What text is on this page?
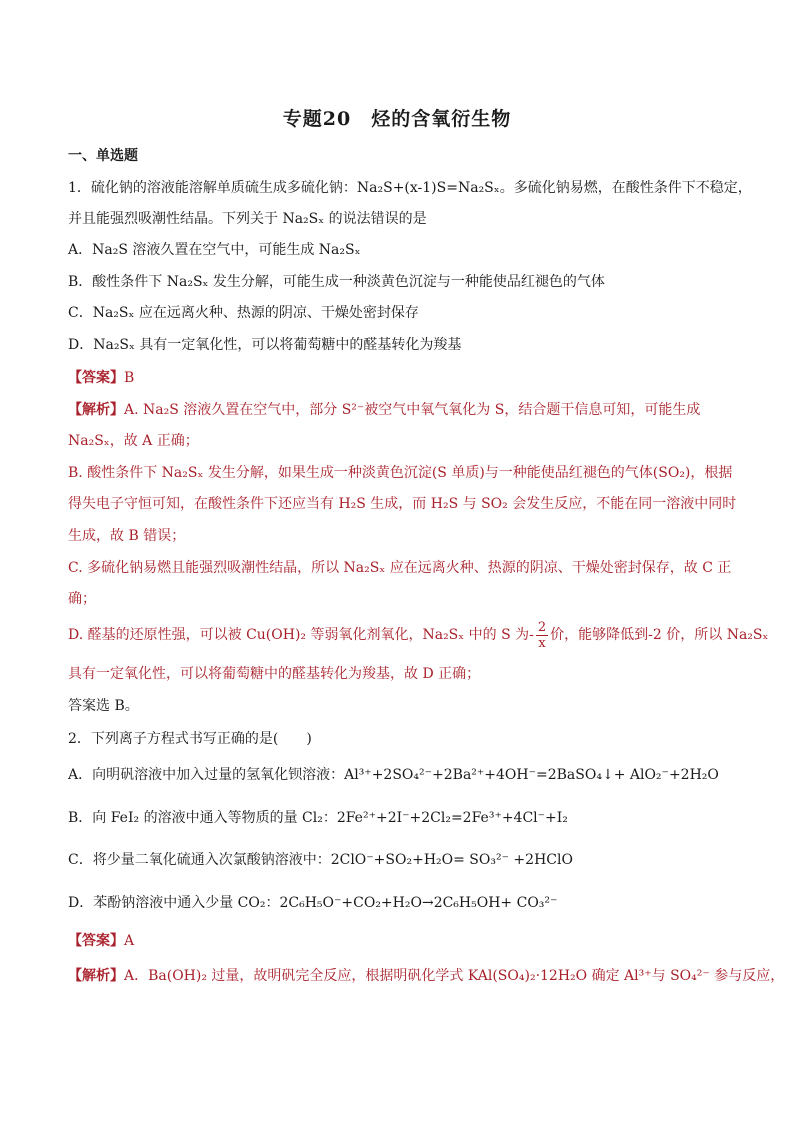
专题20　烃的含氧衍生物
一、单选题
1．硫化钠的溶液能溶解单质硫生成多硫化钠：Na₂S+(x-1)S=Na₂Sₓ。多硫化钠易燃，在酸性条件下不稳定，
并且能强烈吸潮性结晶。下列关于 Na₂Sₓ 的说法错误的是
A．Na₂S 溶液久置在空气中，可能生成 Na₂Sₓ
B．酸性条件下 Na₂Sₓ 发生分解，可能生成一种淡黄色沉淀与一种能使品红褪色的气体
C．Na₂Sₓ 应在远离火种、热源的阴凉、干燥处密封保存
D．Na₂Sₓ 具有一定氧化性，可以将葡萄糖中的醛基转化为羧基
【答案】B
【解析】A. Na₂S 溶液久置在空气中，部分 S²⁻被空气中氧气氧化为 S，结合题干信息可知，可能生成
Na₂Sₓ，故 A 正确；
B. 酸性条件下 Na₂Sₓ 发生分解，如果生成一种淡黄色沉淀(S 单质)与一种能使品红褪色的气体(SO₂)，根据
得失电子守恒可知，在酸性条件下还应当有 H₂S 生成，而 H₂S 与 SO₂ 会发生反应，不能在同一溶液中同时
生成，故 B 错误；
C. 多硫化钠易燃且能强烈吸潮性结晶，所以 Na₂Sₓ 应在远离火种、热源的阴凉、干燥处密封保存，故 C 正
确；
D. 醛基的还原性强，可以被 Cu(OH)₂ 等弱氧化剂氧化，Na₂Sₓ 中的 S 为- $\frac{2}{x}$ 价，能够降低到-2 价，所以 Na₂Sₓ
具有一定氧化性，可以将葡萄糖中的醛基转化为羧基，故 D 正确；
答案选 B。
2．下列离子方程式书写正确的是(　　)
A．向明矾溶液中加入过量的氢氧化钡溶液：Al³⁺+2SO₄²⁻+2Ba²⁺+4OH⁻=2BaSO₄↓+ AlO₂⁻+2H₂O
B．向 FeI₂ 的溶液中通入等物质的量 Cl₂：2Fe²⁺+2I⁻+2Cl₂=2Fe³⁺+4Cl⁻+I₂
C．将少量二氧化硫通入次氯酸钠溶液中：2ClO⁻+SO₂+H₂O= SO₃²⁻ +2HClO
D．苯酚钠溶液中通入少量 CO₂：2C₆H₅O⁻+CO₂+H₂O→2C₆H₅OH+ CO₃²⁻
【答案】A
【解析】A．Ba(OH)₂ 过量，故明矾完全反应，根据明矾化学式 KAl(SO₄)₂·12H₂O 确定 Al³⁺与 SO₄²⁻ 参与反应，
